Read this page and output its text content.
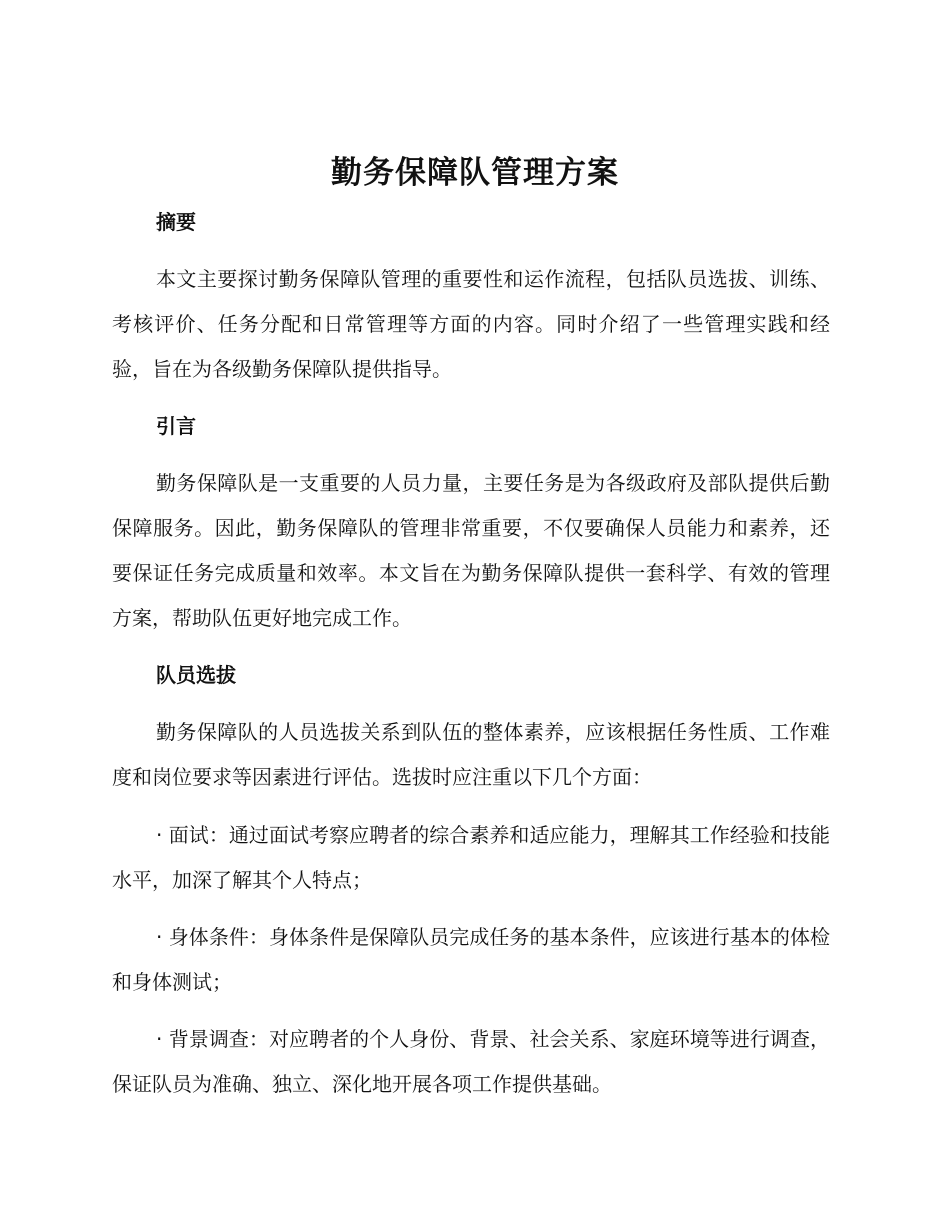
勤务保障队管理方案
摘要

本文主要探讨勤务保障队管理的重要性和运作流程，包括队员选拔、训练、考核评价、任务分配和日常管理等方面的内容。同时介绍了一些管理实践和经验，旨在为各级勤务保障队提供指导。

引言

勤务保障队是一支重要的人员力量，主要任务是为各级政府及部队提供后勤保障服务。因此，勤务保障队的管理非常重要，不仅要确保人员能力和素养，还要保证任务完成质量和效率。本文旨在为勤务保障队提供一套科学、有效的管理方案，帮助队伍更好地完成工作。

队员选拔

勤务保障队的人员选拔关系到队伍的整体素养，应该根据任务性质、工作难度和岗位要求等因素进行评估。选拔时应注重以下几个方面：

· 面试：通过面试考察应聘者的综合素养和适应能力，理解其工作经验和技能水平，加深了解其个人特点；

· 身体条件：身体条件是保障队员完成任务的基本条件，应该进行基本的体检和身体测试；

· 背景调查：对应聘者的个人身份、背景、社会关系、家庭环境等进行调查，保证队员为准确、独立、深化地开展各项工作提供基础。
